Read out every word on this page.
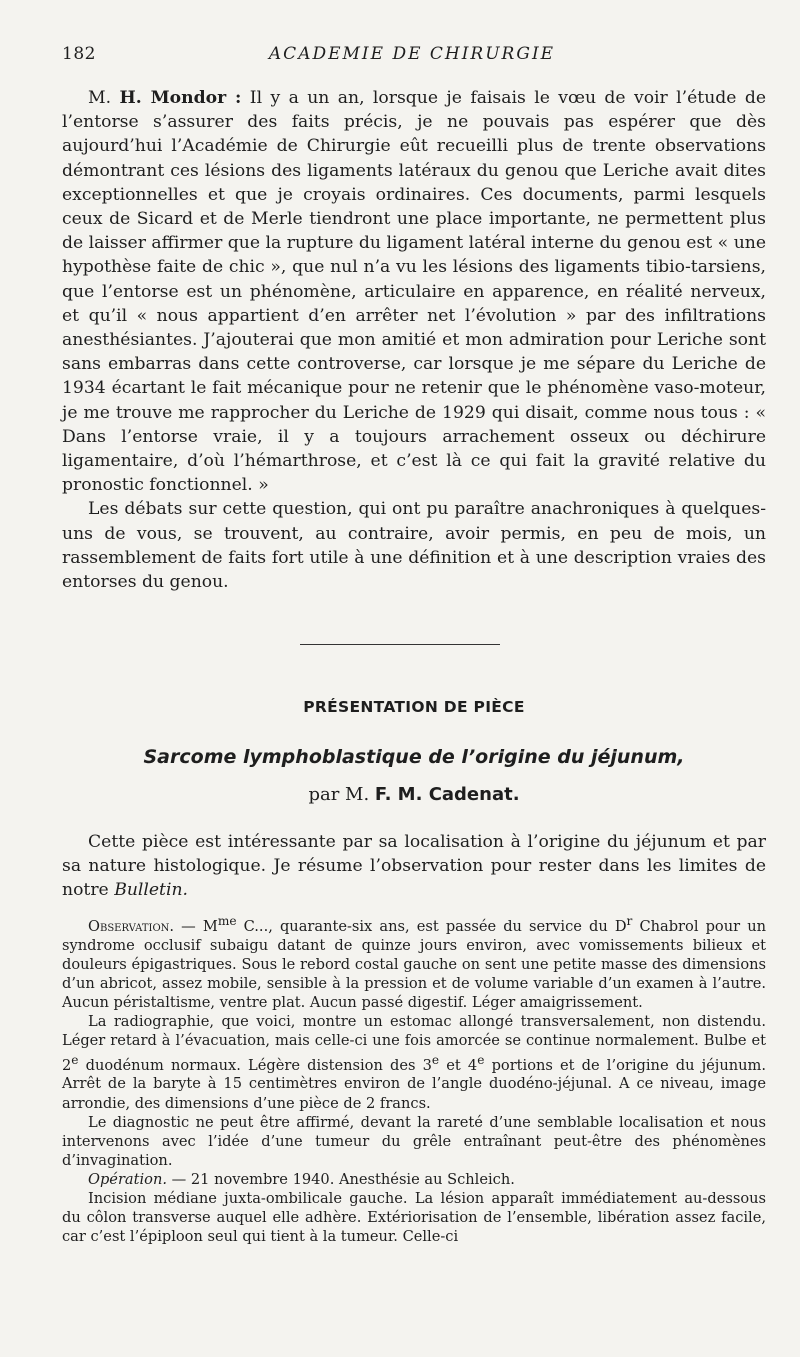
182	ACADEMIE DE CHIRURGIE

M. H. Mondor : Il y a un an, lorsque je faisais le vœu de voir l’étude de l’entorse s’assurer des faits précis, je ne pouvais pas espérer que dès aujourd’hui l’Académie de Chirurgie eût recueilli plus de trente observations démontrant ces lésions des ligaments latéraux du genou que Leriche avait dites exceptionnelles et que je croyais ordinaires. Ces documents, parmi lesquels ceux de Sicard et de Merle tiendront une place importante, ne permettent plus de laisser affirmer que la rupture du ligament latéral interne du genou est « une hypothèse faite de chic », que nul n’a vu les lésions des ligaments tibio-tarsiens, que l’entorse est un phénomène, articulaire en apparence, en réalité nerveux, et qu’il « nous appartient d’en arrêter net l’évolution » par des infiltrations anesthésiantes. J’ajouterai que mon amitié et mon admiration pour Leriche sont sans embarras dans cette controverse, car lorsque je me sépare du Leriche de 1934 écartant le fait mécanique pour ne retenir que le phénomène vaso-moteur, je me trouve me rapprocher du Leriche de 1929 qui disait, comme nous tous : « Dans l’entorse vraie, il y a toujours arrachement osseux ou déchirure ligamentaire, d’où l’hémarthrose, et c’est là ce qui fait la gravité relative du pronostic fonctionnel. »

Les débats sur cette question, qui ont pu paraître anachroniques à quelques-uns de vous, se trouvent, au contraire, avoir permis, en peu de mois, un rassemblement de faits fort utile à une définition et à une description vraies des entorses du genou.

PRÉSENTATION DE PIÈCE
Sarcome lymphoblastique de l’origine du jéjunum,
par M. F. M. Cadenat.

Cette pièce est intéressante par sa localisation à l’origine du jéjunum et par sa nature histologique. Je résume l’observation pour rester dans les limites de notre Bulletin.

Observation. — $M^{me}$ C..., quarante-six ans, est passée du service du $D^r$ Chabrol pour un syndrome occlusif subaigu datant de quinze jours environ, avec vomissements bilieux et douleurs épigastriques. Sous le rebord costal gauche on sent une petite masse des dimensions d’un abricot, assez mobile, sensible à la pression et de volume variable d’un examen à l’autre. Aucun péristaltisme, ventre plat. Aucun passé digestif. Léger amaigrissement.

La radiographie, que voici, montre un estomac allongé transversalement, non distendu. Léger retard à l’évacuation, mais celle-ci une fois amorcée se continue normalement. Bulbe et 2e duodénum normaux. Légère distension des 3e et 4e portions et de l’origine du jéjunum. Arrêt de la baryte à 15 centimètres environ de l’angle duodéno-jéjunal. A ce niveau, image arrondie, des dimensions d’une pièce de 2 francs.

Le diagnostic ne peut être affirmé, devant la rareté d’une semblable localisation et nous intervenons avec l’idée d’une tumeur du grêle entraînant peut-être des phénomènes d’invagination.

Opération. — 21 novembre 1940. Anesthésie au Schleich.

Incision médiane juxta-ombilicale gauche. La lésion apparaît immédiatement au-dessous du côlon transverse auquel elle adhère. Extériorisation de l’ensemble, libération assez facile, car c’est l’épiploon seul qui tient à la tumeur. Celle-ci
